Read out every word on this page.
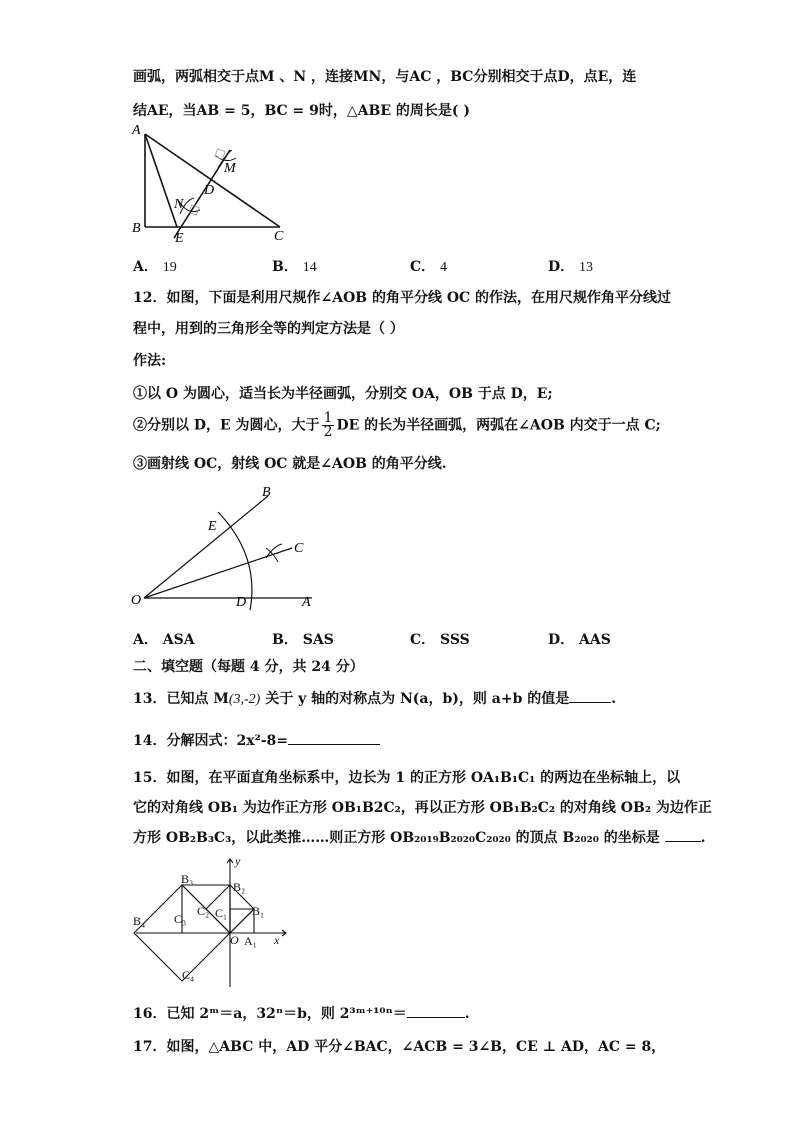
画弧，两弧相交于点M 、N ，连接MN，与AC ，BC分别相交于点D，点E，连
结AE，当AB = 5，BC = 9时，△ABE 的周长是( )
A
B
C
D
E
M
N
A． 19	B． 14	C． 4	D． 13
12．如图，下面是利用尺规作∠AOB 的角平分线 OC 的作法，在用尺规作角平分线过
程中，用到的三角形全等的判定方法是（ ）
作法:
①以 O 为圆心，适当长为半径画弧，分别交 OA，OB 于点 D，E;
②分别以 D，E 为圆心，大于 $\frac{1}{2}$ DE 的长为半径画弧，两弧在∠AOB 内交于一点 C;
③画射线 OC，射线 OC 就是∠AOB 的角平分线.
O	A
B
C
D
E
A． ASA	B． SAS	C． SSS	D． AAS
二、填空题（每题 4 分，共 24 分）
13．已知点 M(3,-2) 关于 y 轴的对称点为 N(a，b)，则 a+b 的值是	.
14．分解因式：2x²-8=
15．如图，在平面直角坐标系中，边长为 1 的正方形 OA₁B₁C₁ 的两边在坐标轴上，以
它的对角线 OB₁ 为边作正方形 OB₁B2C₂，再以正方形 OB₁B₂C₂ 的对角线 OB₂ 为边作正
方形 OB₂B₃C₃，以此类推……则正方形 OB₂₀₁₉B₂₀₂₀C₂₀₂₀ 的顶点 B₂₀₂₀ 的坐标是	.
y
x
O A₁
B₁
C₁
B₂
C₂
B₃
C₃
B₄
C₄
16．已知 2ᵐ＝a，32ⁿ＝b，则 2³ᵐ⁺¹⁰ⁿ＝	.
17．如图，△ABC 中，AD 平分∠BAC，∠ACB = 3∠B，CE ⊥ AD，AC = 8，
